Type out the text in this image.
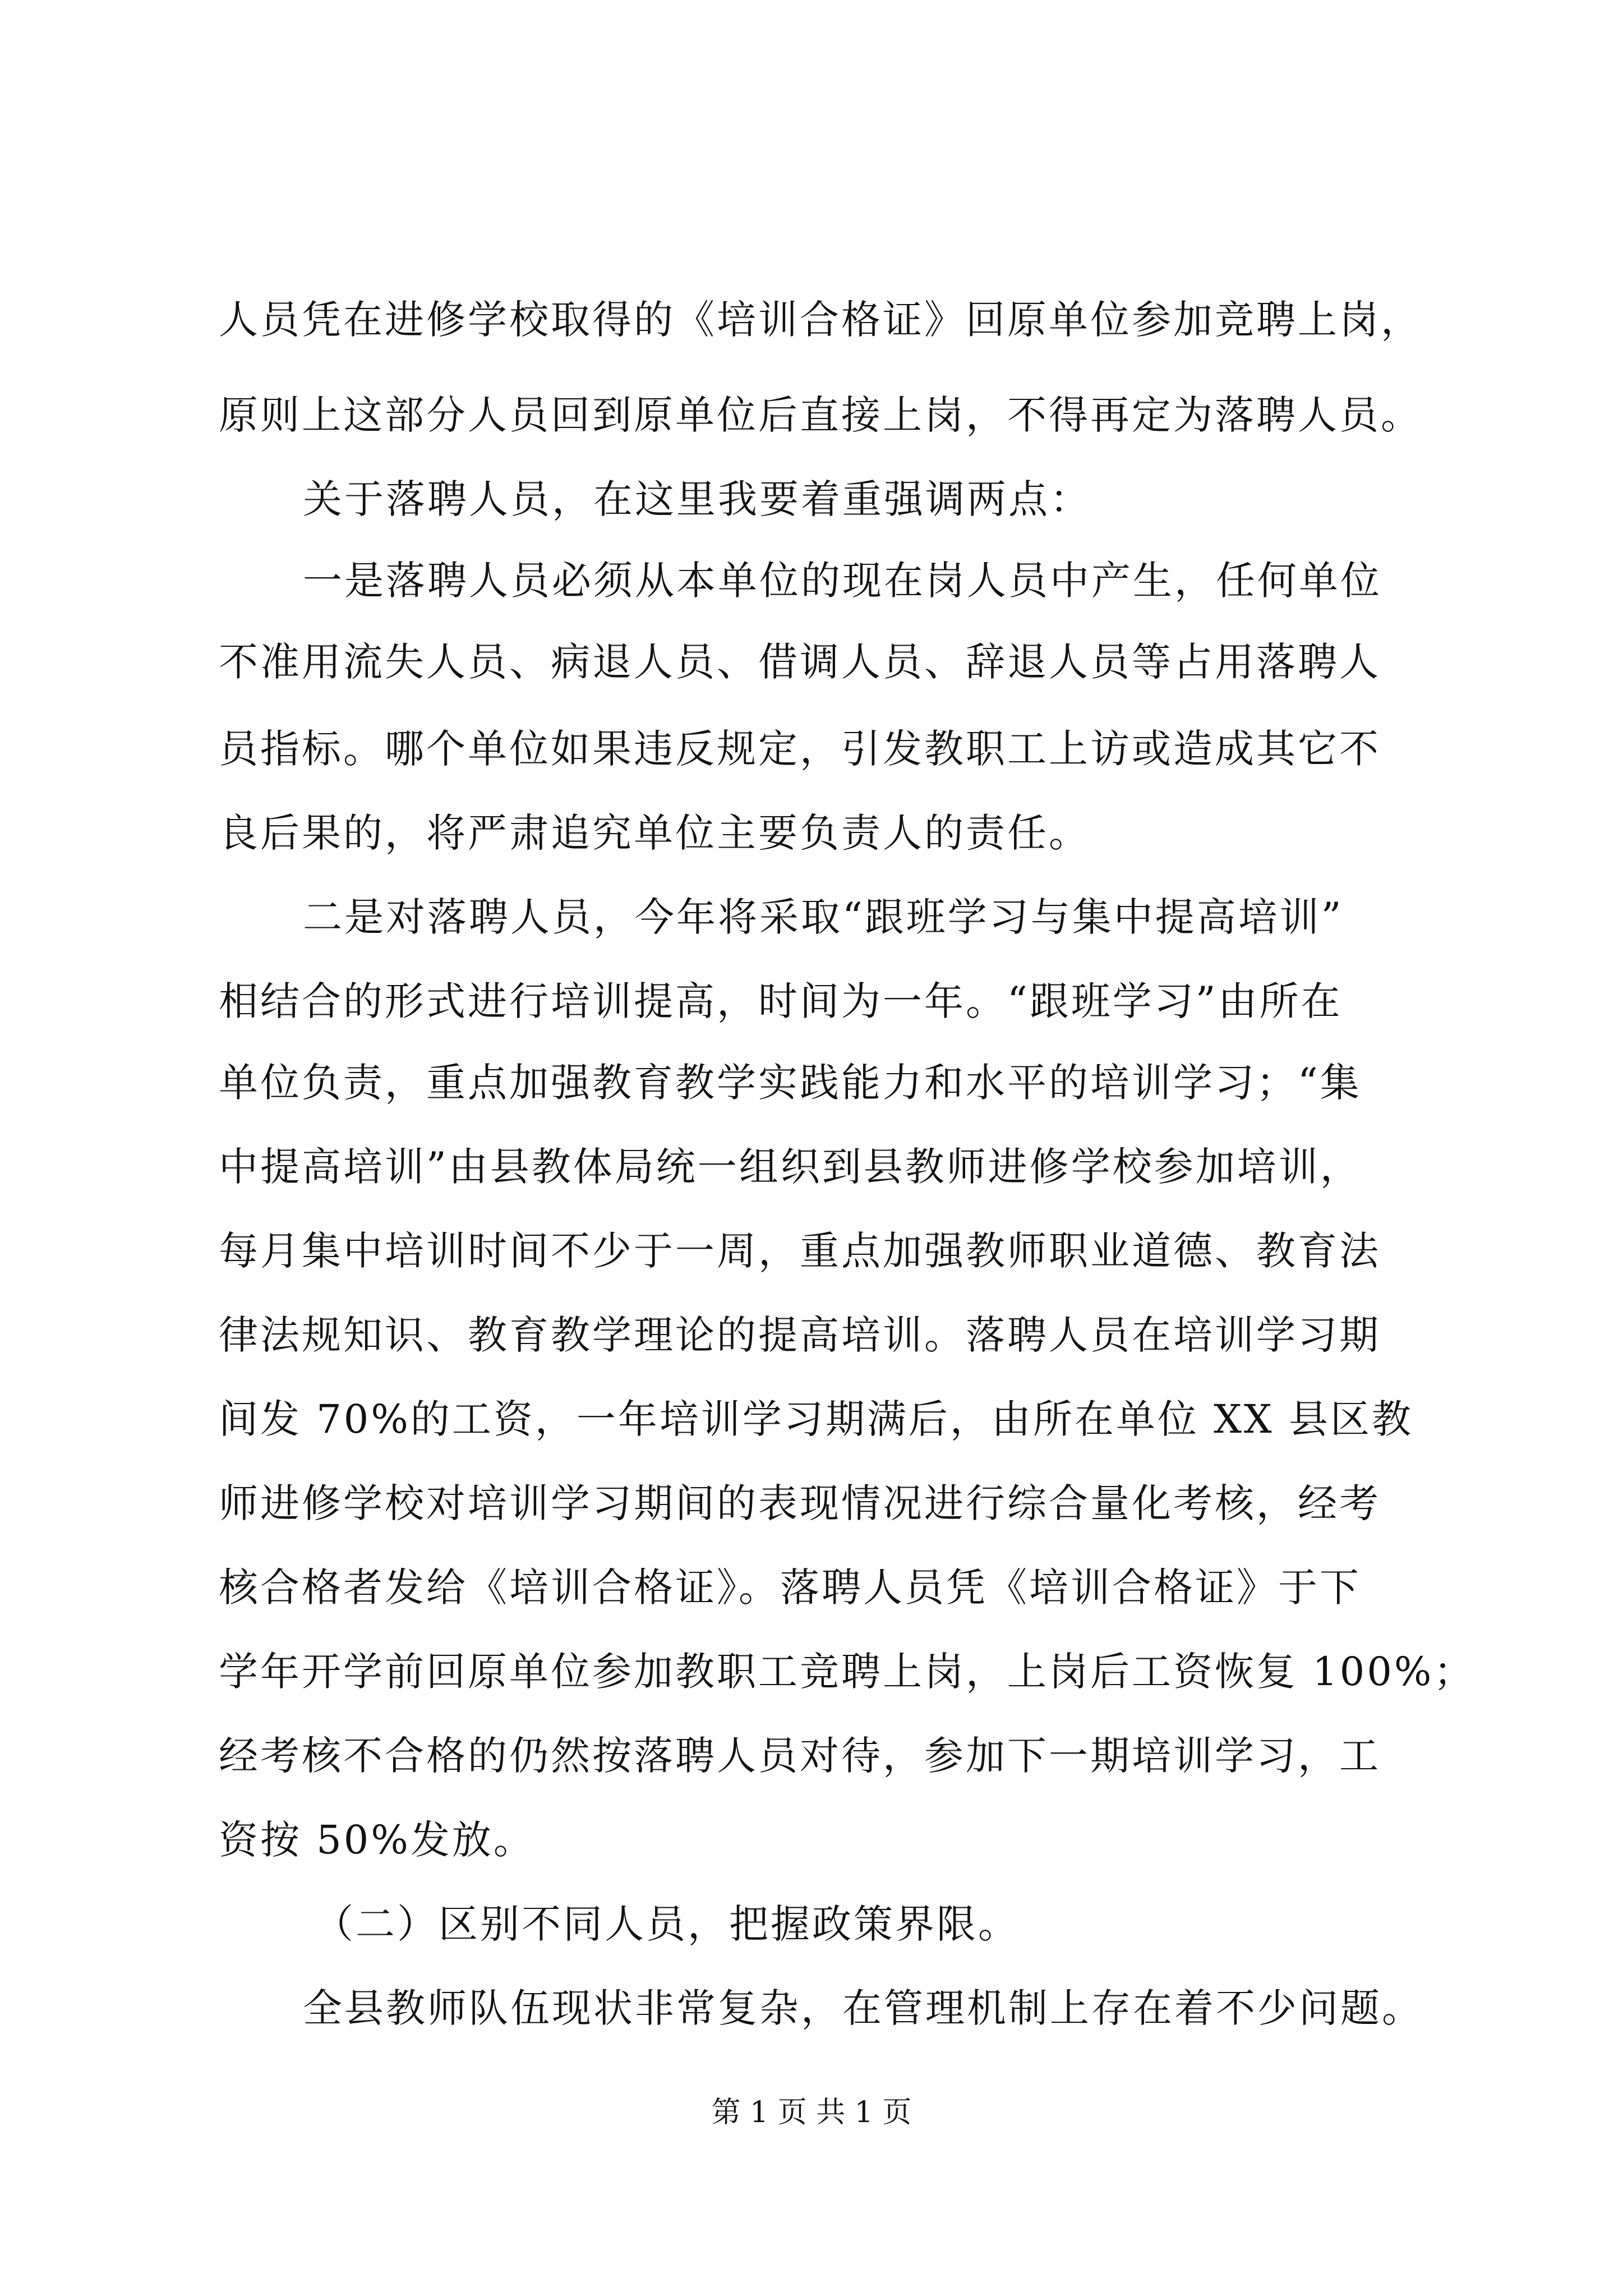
人员凭在进修学校取得的《培训合格证》回原单位参加竞聘上岗，
原则上这部分人员回到原单位后直接上岗，不得再定为落聘人员。
关于落聘人员，在这里我要着重强调两点：
一是落聘人员必须从本单位的现在岗人员中产生，任何单位
不准用流失人员、病退人员、借调人员、辞退人员等占用落聘人
员指标。哪个单位如果违反规定，引发教职工上访或造成其它不
良后果的，将严肃追究单位主要负责人的责任。
二是对落聘人员，今年将采取“跟班学习与集中提高培训”
相结合的形式进行培训提高，时间为一年。“跟班学习”由所在
单位负责，重点加强教育教学实践能力和水平的培训学习；“集
中提高培训”由县教体局统一组织到县教师进修学校参加培训，
每月集中培训时间不少于一周，重点加强教师职业道德、教育法
律法规知识、教育教学理论的提高培训。落聘人员在培训学习期
间发 70%的工资，一年培训学习期满后，由所在单位 XX 县区教
师进修学校对培训学习期间的表现情况进行综合量化考核，经考
核合格者发给《培训合格证》。落聘人员凭《培训合格证》于下
学年开学前回原单位参加教职工竞聘上岗，上岗后工资恢复 100%；
经考核不合格的仍然按落聘人员对待，参加下一期培训学习，工
资按 50%发放。
（二）区别不同人员，把握政策界限。
全县教师队伍现状非常复杂，在管理机制上存在着不少问题。
第 1 页 共 1 页
